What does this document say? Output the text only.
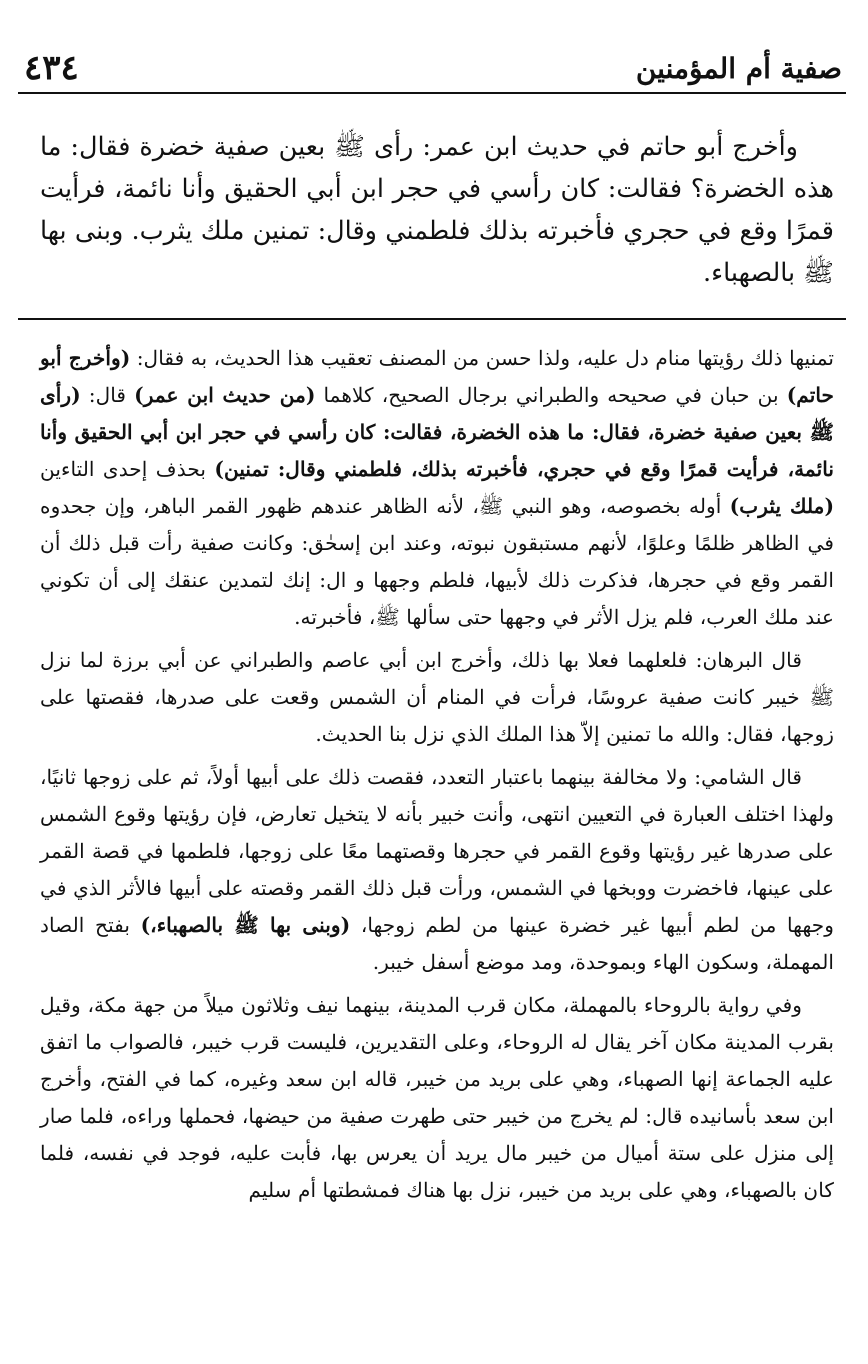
صفية أم المؤمنين
٤٣٤

وأخرج أبو حاتم في حديث ابن عمر: رأى ﷺ بعين صفية خضرة فقال: ما هذه الخضرة؟ فقالت: كان رأسي في حجر ابن أبي الحقيق وأنا نائمة، فرأيت قمرًا وقع في حجري فأخبرته بذلك فلطمني وقال: تمنين ملك يثرب. وبنى بها ﷺ بالصهباء.

تمنيها ذلك رؤيتها منام دل عليه، ولذا حسن من المصنف تعقيب هذا الحديث، به فقال: (وأخرج أبو حاتم) بن حبان في صحيحه والطبراني برجال الصحيح، كلاهما (من حديث ابن عمر) قال: (رأى ﷺ بعين صفية خضرة، فقال: ما هذه الخضرة، فقالت: كان رأسي في حجر ابن أبي الحقيق وأنا نائمة، فرأيت قمرًا وقع في حجري، فأخبرته بذلك، فلطمني وقال: تمنين) بحذف إحدى التاءين (ملك يثرب) أوله بخصوصه، وهو النبي ﷺ، لأنه الظاهر عندهم ظهور القمر الباهر، وإن جحدوه في الظاهر ظلمًا وعلوًا، لأنهم مستبقون نبوته، وعند ابن إسحٰق: وكانت صفية رأت قبل ذلك أن القمر وقع في حجرها، فذكرت ذلك لأبيها، فلطم وجهها و ال: إنك لتمدين عنقك إلى أن تكوني عند ملك العرب، فلم يزل الأثر في وجهها حتى سألها ﷺ، فأخبرته.

قال البرهان: فلعلهما فعلا بها ذلك، وأخرج ابن أبي عاصم والطبراني عن أبي برزة لما نزل ﷺ خيبر كانت صفية عروسًا، فرأت في المنام أن الشمس وقعت على صدرها، فقصتها على زوجها، فقال: والله ما تمنين إلاّ هذا الملك الذي نزل بنا الحديث.

قال الشامي: ولا مخالفة بينهما باعتبار التعدد، فقصت ذلك على أبيها أولاً، ثم على زوجها ثانيًا، ولهذا اختلف العبارة في التعيين انتهى، وأنت خبير بأنه لا يتخيل تعارض، فإن رؤيتها وقوع الشمس على صدرها غير رؤيتها وقوع القمر في حجرها وقصتهما معًا على زوجها، فلطمها في قصة القمر على عينها، فاخضرت ووبخها في الشمس، ورأت قبل ذلك القمر وقصته على أبيها فالأثر الذي في وجهها من لطم أبيها غير خضرة عينها من لطم زوجها، (وبنى بها ﷺ بالصهباء،) بفتح الصاد المهملة، وسكون الهاء وبموحدة، ومد موضع أسفل خيبر.

وفي رواية بالروحاء بالمهملة، مكان قرب المدينة، بينهما نيف وثلاثون ميلاً من جهة مكة، وقيل بقرب المدينة مكان آخر يقال له الروحاء، وعلى التقديرين، فليست قرب خيبر، فالصواب ما اتفق عليه الجماعة إنها الصهباء، وهي على بريد من خيبر، قاله ابن سعد وغيره، كما في الفتح، وأخرج ابن سعد بأسانيده قال: لم يخرج من خيبر حتى طهرت صفية من حيضها، فحملها وراءه، فلما صار إلى منزل على ستة أميال من خيبر مال يريد أن يعرس بها، فأبت عليه، فوجد في نفسه، فلما كان بالصهباء، وهي على بريد من خيبر، نزل بها هناك فمشطتها أم سليم
